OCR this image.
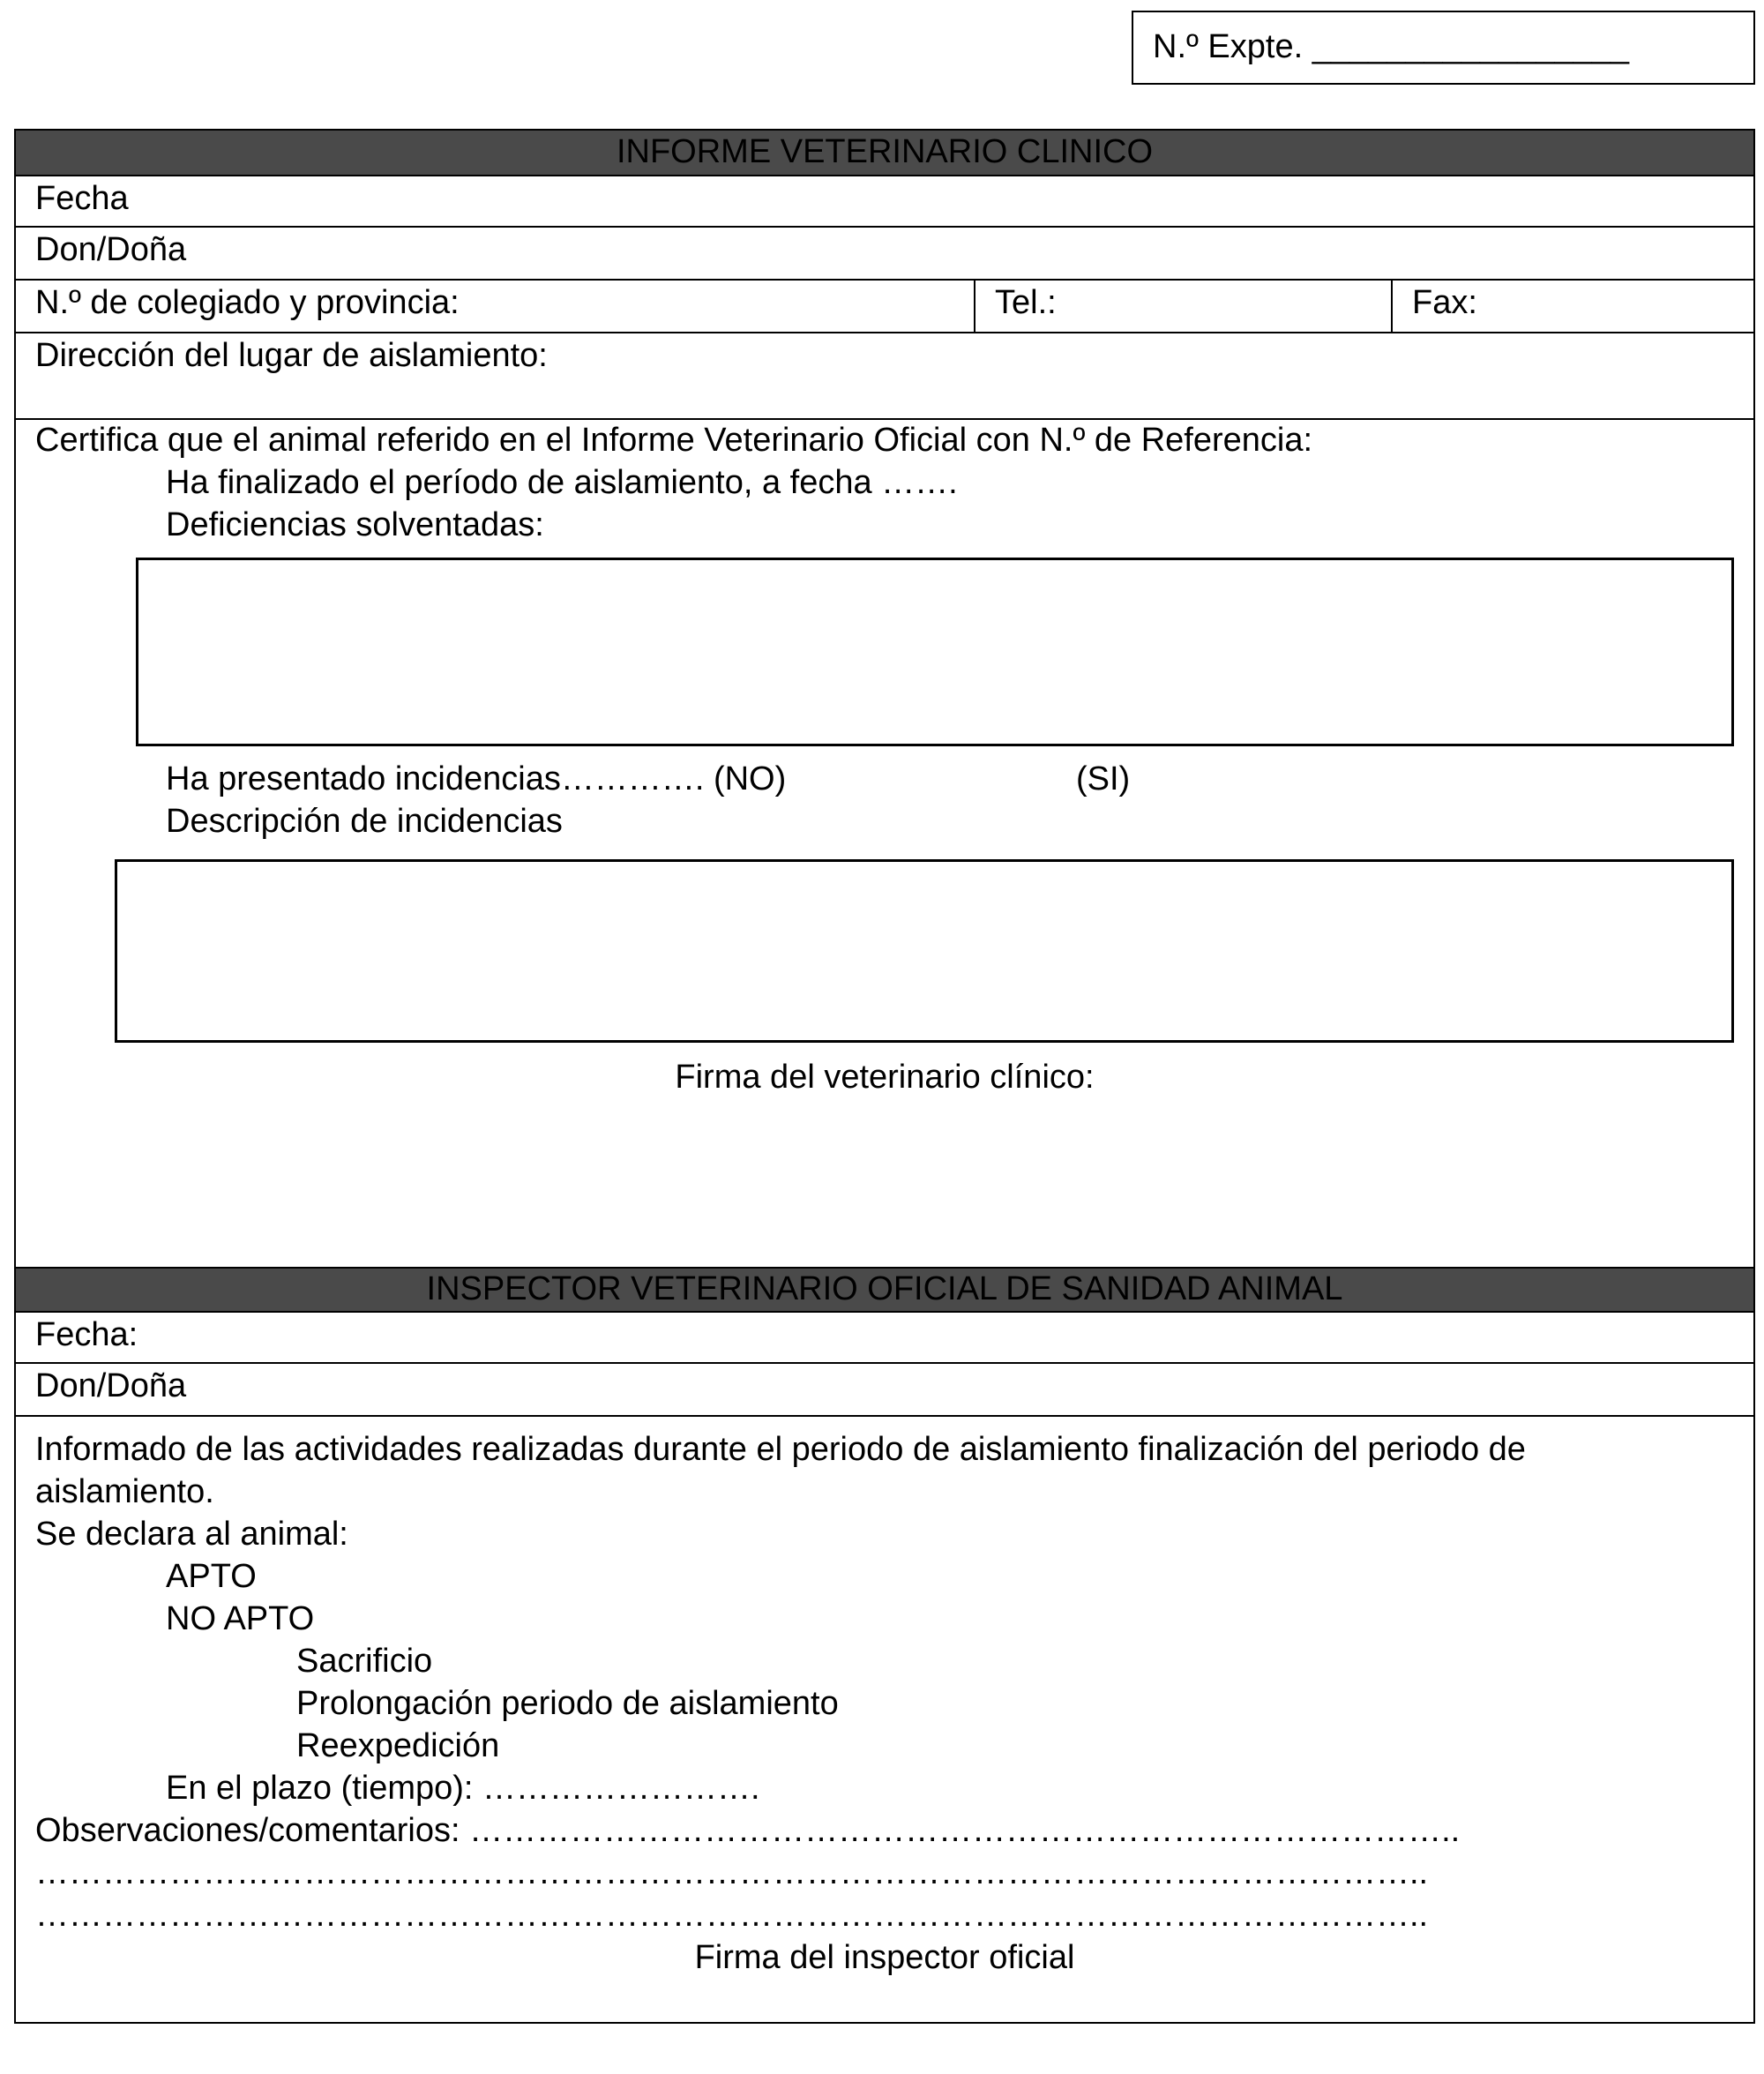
N.º Expte. _________________
INFORME VETERINARIO CLINICO
Fecha
Don/Doña
N.º de colegiado y provincia:	Tel.:	Fax:
Dirección del lugar de aislamiento:
Certifica que el animal referido en el Informe Veterinario Oficial con N.º de Referencia:
Ha finalizado el período de aislamiento, a fecha …….
Deficiencias solventadas:
Ha presentado incidencias…………. (NO)	(SI)
Descripción de incidencias
Firma del veterinario clínico:
INSPECTOR VETERINARIO OFICIAL DE SANIDAD ANIMAL
Fecha:
Don/Doña
Informado de las actividades realizadas durante el periodo de aislamiento finalización del periodo de
aislamiento.
Se declara al animal:
APTO
NO APTO
Sacrificio
Prolongación periodo de aislamiento
Reexpedición
En el plazo (tiempo): …………………….
Observaciones/comentarios: ……………………………………………………………………………..
……………………………………………………………………………………………………………..
……………………………………………………………………………………………………………..
Firma del inspector oficial
